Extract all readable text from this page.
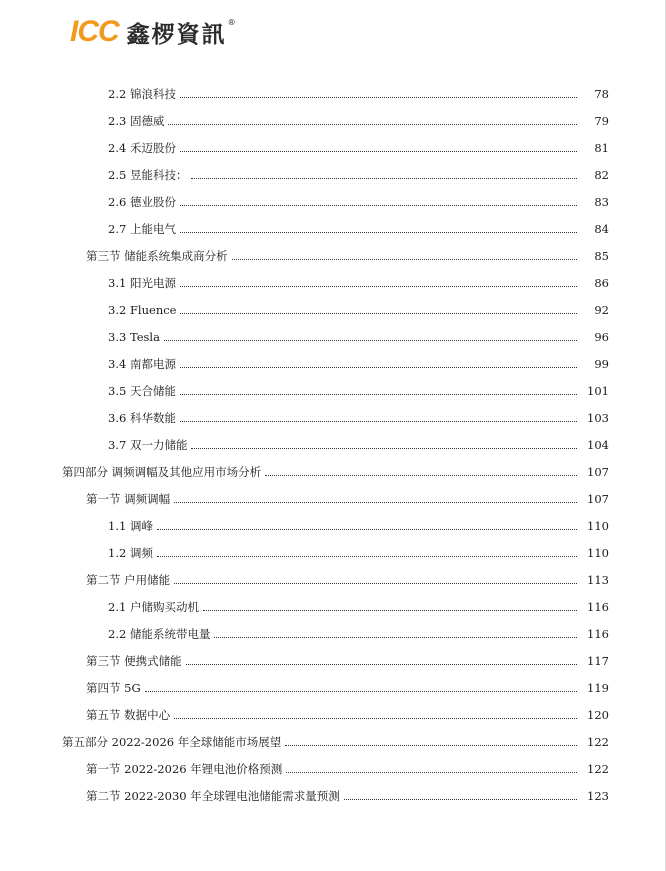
ICC 鑫椤資訊 ®
2.2 锦浪科技	78
2.3 固德威	79
2.4 禾迈股份	81
2.5 昱能科技：	82
2.6 德业股份	83
2.7 上能电气	84
第三节 储能系统集成商分析	85
3.1 阳光电源	86
3.2 Fluence	92
3.3 Tesla	96
3.4 南都电源	99
3.5 天合储能	101
3.6 科华数能	103
3.7 双一力储能	104
第四部分 调频调幅及其他应用市场分析	107
第一节 调频调幅	107
1.1 调峰	110
1.2 调频	110
第二节 户用储能	113
2.1 户储购买动机	116
2.2 储能系统带电量	116
第三节 便携式储能	117
第四节 5G	119
第五节 数据中心	120
第五部分 2022-2026 年全球储能市场展望	122
第一节 2022-2026 年锂电池价格预测	122
第二节 2022-2030 年全球锂电池储能需求量预测	123
